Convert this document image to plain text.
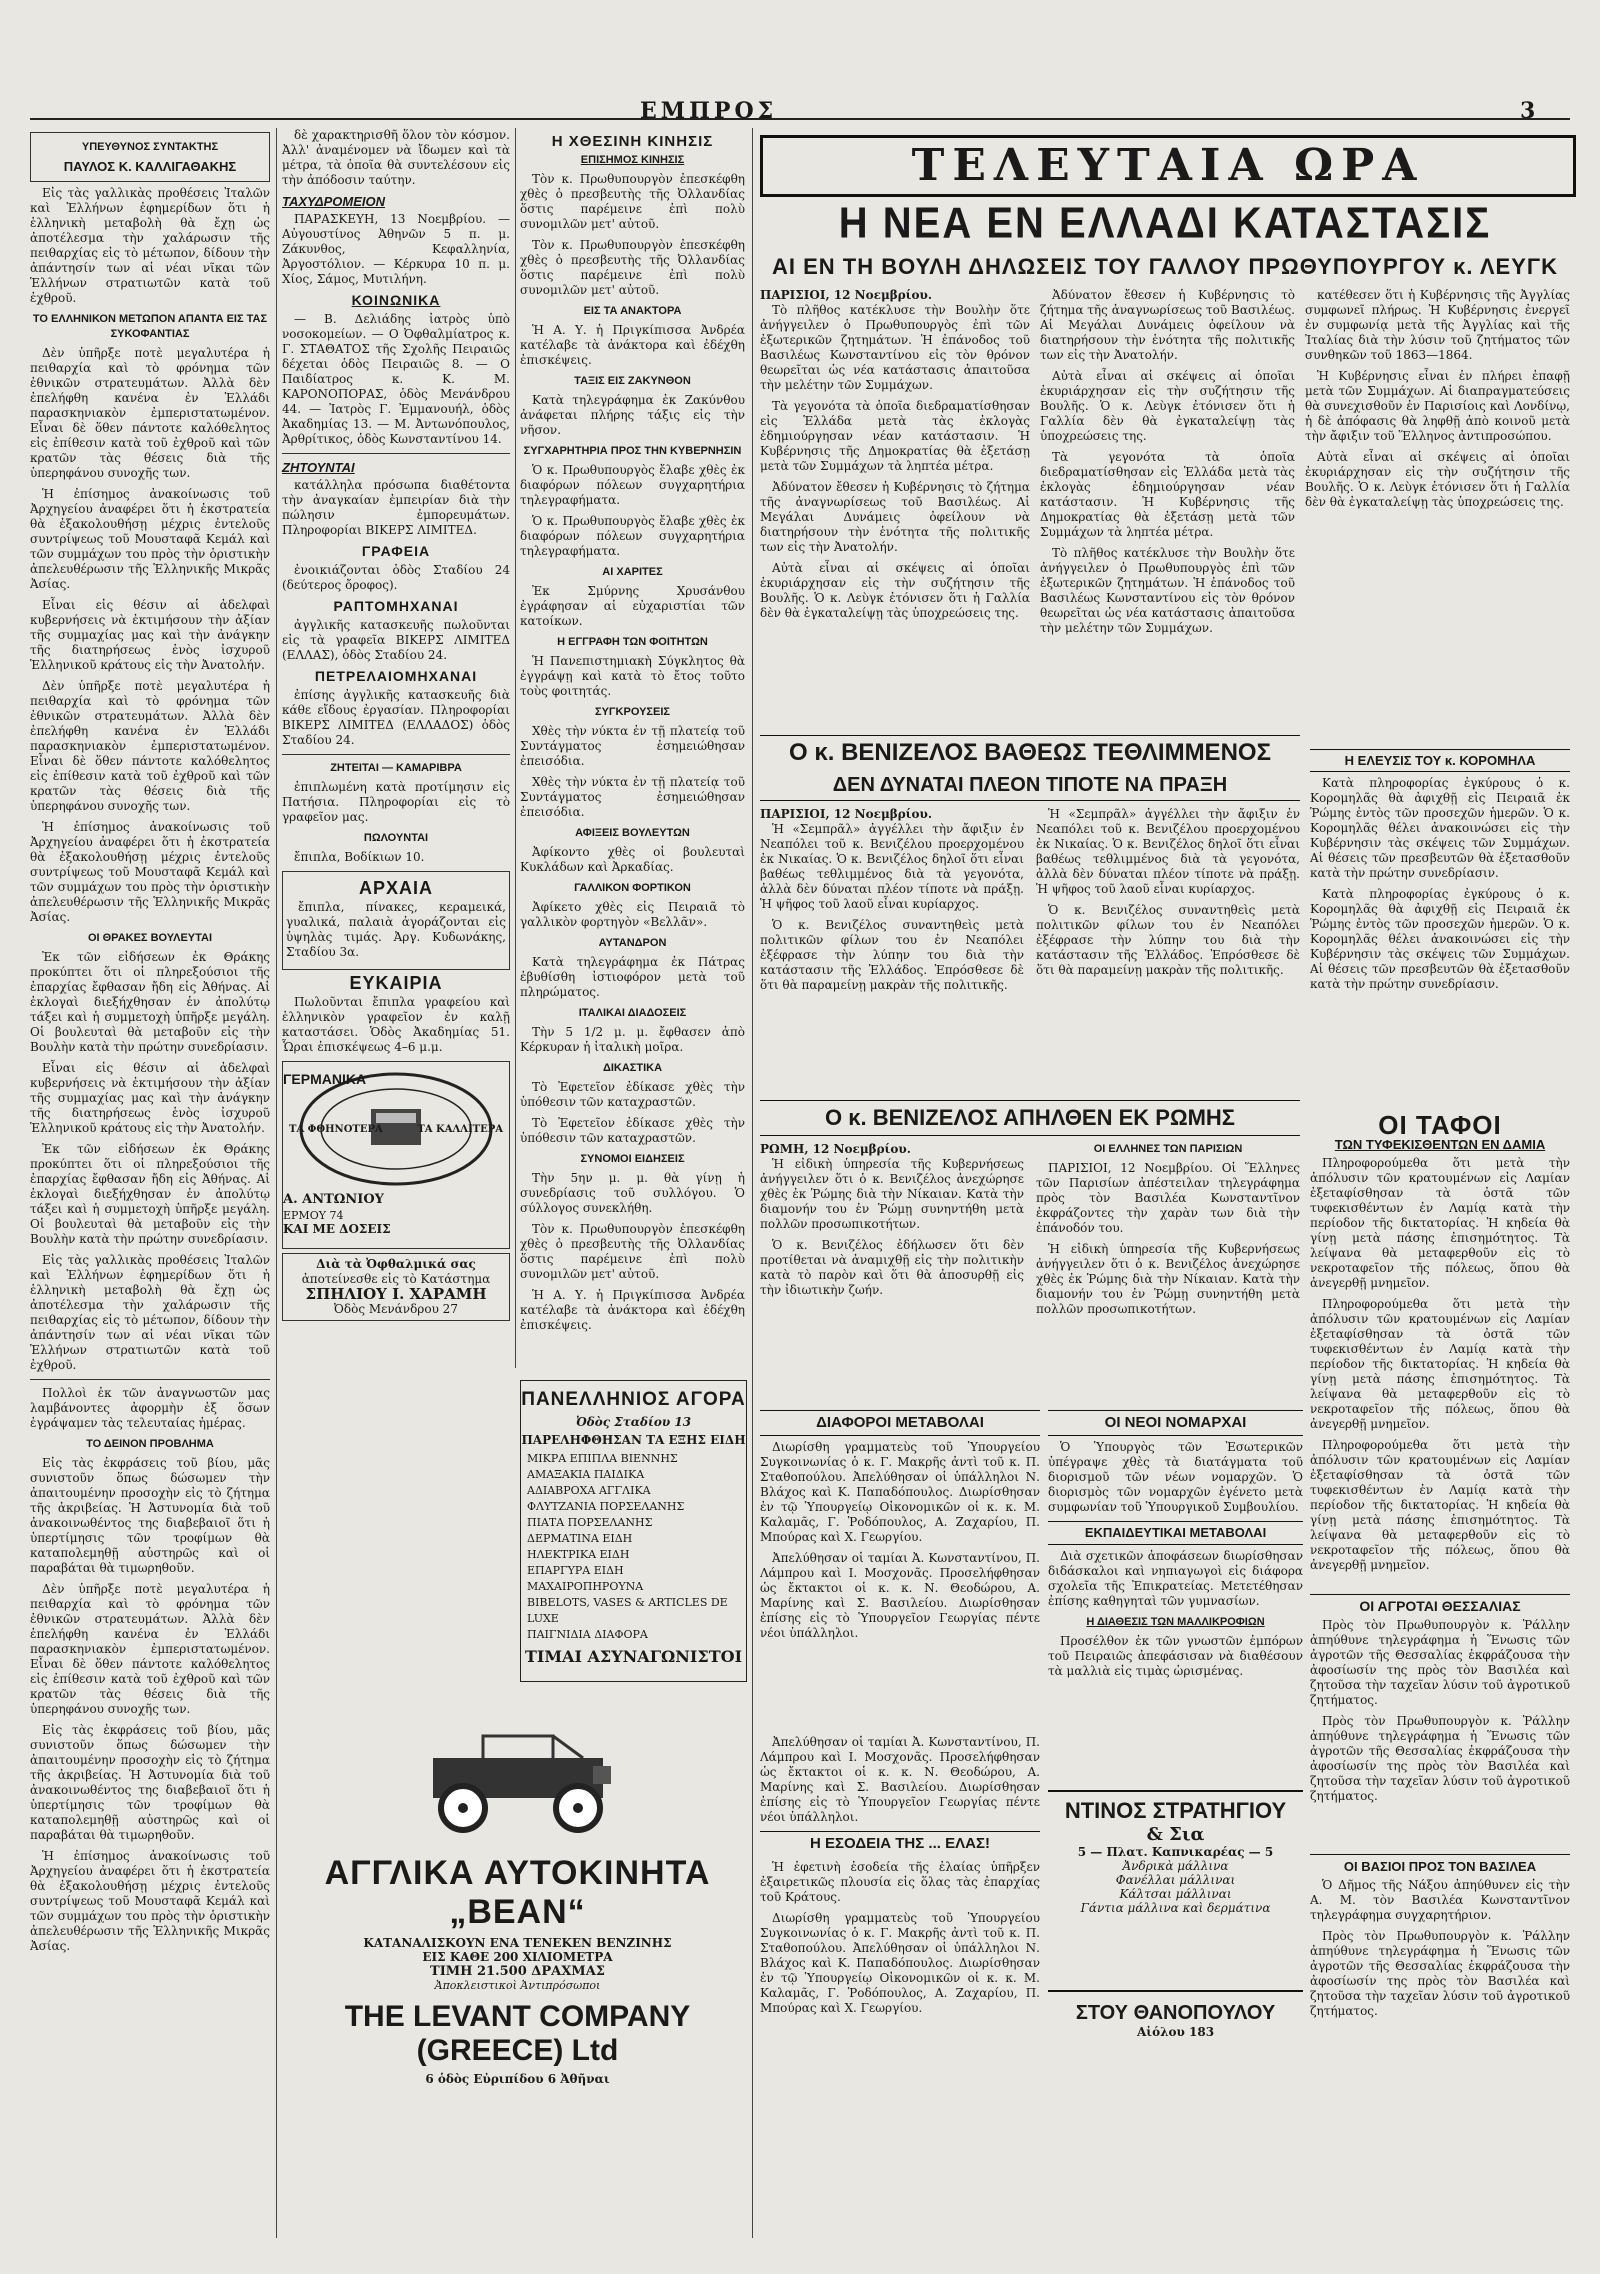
ΕΜΠΡΟΣ	3
ΥΠΕΥΘΥΝΟΣ ΣΥΝΤΑΚΤΗΣ
ΠΑΥΛΟΣ Κ. ΚΑΛΛΙΓΑΘΑΚΗΣ

Εἰς τὰς γαλλικὰς προθέσεις Ἰταλῶν καὶ Ἑλλήνων ἐφημερίδων ὅτι ἡ ἑλληνικὴ μεταβολὴ θὰ ἔχῃ ὡς ἀποτέλεσμα τὴν χαλάρωσιν τῆς πειθαρχίας εἰς τὸ μέτωπον, δίδουν τὴν ἀπάντησίν των αἱ νέαι νῖκαι τῶν Ἑλλήνων στρατιωτῶν κατὰ τοῦ ἐχθροῦ.

ΤΟ ΕΛΛΗΝΙΚΟΝ ΜΕΤΩΠΟΝ ΑΠΑΝΤΑ ΕΙΣ ΤΑΣ ΣΥΚΟΦΑΝΤΙΑΣ

Δὲν ὑπῆρξε ποτὲ μεγαλυτέρα ἡ πειθαρχία καὶ τὸ φρόνημα τῶν ἐθνικῶν στρατευμάτων. Ἀλλὰ δὲν ἐπελήφθη κανένα ἐν Ἑλλάδι παρασκηνιακὸν ἐμπεριστατωμένον. Εἶναι δὲ ὅθεν πάντοτε καλόθελητος εἰς ἐπίθεσιν κατὰ τοῦ ἐχθροῦ καὶ τῶν κρατῶν τὰς θέσεις διὰ τῆς ὑπερηφάνου συνοχῆς των.

Ἡ ἐπίσημος ἀνακοίνωσις τοῦ Ἀρχηγείου ἀναφέρει ὅτι ἡ ἐκστρατεία θὰ ἐξακολουθήσῃ μέχρις ἐντελοῦς συντρίψεως τοῦ Μουσταφᾶ Κεμάλ καὶ τῶν συμμάχων του πρὸς τὴν ὁριστικὴν ἀπελευθέρωσιν τῆς Ἑλληνικῆς Μικρᾶς Ἀσίας.

Εἶναι εἰς θέσιν αἱ ἀδελφαὶ κυβερνήσεις νὰ ἐκτιμήσουν τὴν ἀξίαν τῆς συμμαχίας μας καὶ τὴν ἀνάγκην τῆς διατηρήσεως ἑνὸς ἰσχυροῦ Ἑλληνικοῦ κράτους εἰς τὴν Ἀνατολήν.

Δὲν ὑπῆρξε ποτὲ μεγαλυτέρα ἡ πειθαρχία καὶ τὸ φρόνημα τῶν ἐθνικῶν στρατευμάτων. Ἀλλὰ δὲν ἐπελήφθη κανένα ἐν Ἑλλάδι παρασκηνιακὸν ἐμπεριστατωμένον. Εἶναι δὲ ὅθεν πάντοτε καλόθελητος εἰς ἐπίθεσιν κατὰ τοῦ ἐχθροῦ καὶ τῶν κρατῶν τὰς θέσεις διὰ τῆς ὑπερηφάνου συνοχῆς των.

Ἡ ἐπίσημος ἀνακοίνωσις τοῦ Ἀρχηγείου ἀναφέρει ὅτι ἡ ἐκστρατεία θὰ ἐξακολουθήσῃ μέχρις ἐντελοῦς συντρίψεως τοῦ Μουσταφᾶ Κεμάλ καὶ τῶν συμμάχων του πρὸς τὴν ὁριστικὴν ἀπελευθέρωσιν τῆς Ἑλληνικῆς Μικρᾶς Ἀσίας.

ΟΙ ΘΡΑΚΕΣ ΒΟΥΛΕΥΤΑΙ

Ἐκ τῶν εἰδήσεων ἐκ Θράκης προκύπτει ὅτι οἱ πληρεξούσιοι τῆς ἐπαρχίας ἔφθασαν ἤδη εἰς Ἀθήνας. Αἱ ἐκλογαὶ διεξήχθησαν ἐν ἀπολύτῳ τάξει καὶ ἡ συμμετοχὴ ὑπῆρξε μεγάλη. Οἱ βουλευταὶ θὰ μεταβοῦν εἰς τὴν Βουλὴν κατὰ τὴν πρώτην συνεδρίασιν.

Εἶναι εἰς θέσιν αἱ ἀδελφαὶ κυβερνήσεις νὰ ἐκτιμήσουν τὴν ἀξίαν τῆς συμμαχίας μας καὶ τὴν ἀνάγκην τῆς διατηρήσεως ἑνὸς ἰσχυροῦ Ἑλληνικοῦ κράτους εἰς τὴν Ἀνατολήν.

Ἐκ τῶν εἰδήσεων ἐκ Θράκης προκύπτει ὅτι οἱ πληρεξούσιοι τῆς ἐπαρχίας ἔφθασαν ἤδη εἰς Ἀθήνας. Αἱ ἐκλογαὶ διεξήχθησαν ἐν ἀπολύτῳ τάξει καὶ ἡ συμμετοχὴ ὑπῆρξε μεγάλη. Οἱ βουλευταὶ θὰ μεταβοῦν εἰς τὴν Βουλὴν κατὰ τὴν πρώτην συνεδρίασιν.

Εἰς τὰς γαλλικὰς προθέσεις Ἰταλῶν καὶ Ἑλλήνων ἐφημερίδων ὅτι ἡ ἑλληνικὴ μεταβολὴ θὰ ἔχῃ ὡς ἀποτέλεσμα τὴν χαλάρωσιν τῆς πειθαρχίας εἰς τὸ μέτωπον, δίδουν τὴν ἀπάντησίν των αἱ νέαι νῖκαι τῶν Ἑλλήνων στρατιωτῶν κατὰ τοῦ ἐχθροῦ.

Πολλοὶ ἐκ τῶν ἀναγνωστῶν μας λαμβάνοντες ἀφορμὴν ἐξ ὅσων ἐγράψαμεν τὰς τελευταίας ἡμέρας.

ΤΟ ΔΕΙΝΟΝ ΠΡΟΒΛΗΜΑ

Εἰς τὰς ἐκφράσεις τοῦ βίου, μᾶς συνιστοῦν ὅπως δώσωμεν τὴν ἀπαιτουμένην προσοχὴν εἰς τὸ ζήτημα τῆς ἀκριβείας. Ἡ Ἀστυνομία διὰ τοῦ ἀνακοινωθέντος της διαβεβαιοῖ ὅτι ἡ ὑπερτίμησις τῶν τροφίμων θὰ καταπολεμηθῇ αὐστηρῶς καὶ οἱ παραβάται θὰ τιμωρηθοῦν.

Δὲν ὑπῆρξε ποτὲ μεγαλυτέρα ἡ πειθαρχία καὶ τὸ φρόνημα τῶν ἐθνικῶν στρατευμάτων. Ἀλλὰ δὲν ἐπελήφθη κανένα ἐν Ἑλλάδι παρασκηνιακὸν ἐμπεριστατωμένον. Εἶναι δὲ ὅθεν πάντοτε καλόθελητος εἰς ἐπίθεσιν κατὰ τοῦ ἐχθροῦ καὶ τῶν κρατῶν τὰς θέσεις διὰ τῆς ὑπερηφάνου συνοχῆς των.

Εἰς τὰς ἐκφράσεις τοῦ βίου, μᾶς συνιστοῦν ὅπως δώσωμεν τὴν ἀπαιτουμένην προσοχὴν εἰς τὸ ζήτημα τῆς ἀκριβείας. Ἡ Ἀστυνομία διὰ τοῦ ἀνακοινωθέντος της διαβεβαιοῖ ὅτι ἡ ὑπερτίμησις τῶν τροφίμων θὰ καταπολεμηθῇ αὐστηρῶς καὶ οἱ παραβάται θὰ τιμωρηθοῦν.

Ἡ ἐπίσημος ἀνακοίνωσις τοῦ Ἀρχηγείου ἀναφέρει ὅτι ἡ ἐκστρατεία θὰ ἐξακολουθήσῃ μέχρις ἐντελοῦς συντρίψεως τοῦ Μουσταφᾶ Κεμάλ καὶ τῶν συμμάχων του πρὸς τὴν ὁριστικὴν ἀπελευθέρωσιν τῆς Ἑλληνικῆς Μικρᾶς Ἀσίας.

δὲ χαρακτηρισθῆ ὅλον τὸν κόσμον. Ἀλλ' ἀναμένομεν νὰ ἴδωμεν καὶ τὰ μέτρα, τὰ ὁποῖα θὰ συντελέσουν εἰς τὴν ἀπόδοσιν ταύτην.

ΤΑΧΥΔΡΟΜΕΙΟΝ

ΠΑΡΑΣΚΕΥΗ, 13 Νοεμβρίου. — Αὐγουστίνος Ἀθηνῶν 5 π. μ. Ζάκυνθος, Κεφαλληνία, Ἀργοστόλιον. — Κέρκυρα 10 π. μ. Χίος, Σάμος, Μυτιλήνη.

ΚΟΙΝΩΝΙΚΑ

— Β. Δελιάδης ἰατρὸς ὑπὸ νοσοκομείων. — Ο Ὀφθαλμίατρος κ. Γ. ΣΤΑΘΑΤΟΣ τῆς Σχολῆς Πειραιῶς δέχεται ὁδὸς Πειραιῶς 8. — Ο Παιδίατρος κ. Κ. Μ. ΚΑΡΟΝΟΠΟΡΑΣ, ὁδὸς Μενάνδρου 44. — Ἰατρὸς Γ. Ἐμμανουήλ, ὁδὸς Ἀκαδημίας 13. — Μ. Ἀντωνόπουλος, Ἀρθρίτικος, ὁδὸς Κωνσταντίνου 14.

ΖΗΤΟΥΝΤΑΙ

κατάλληλα πρόσωπα διαθέτοντα τὴν ἀναγκαίαν ἐμπειρίαν διὰ τὴν πώλησιν ἐμπορευμάτων. Πληροφορίαι ΒΙΚΕΡΣ ΛΙΜΙΤΕΔ.

ΓΡΑΦΕΙΑ

ἐνοικιάζονται ὁδὸς Σταδίου 24 (δεύτερος ὄροφος).

ΡΑΠΤΟΜΗΧΑΝΑΙ

ἀγγλικῆς κατασκευῆς πωλοῦνται εἰς τὰ γραφεῖα ΒΙΚΕΡΣ ΛΙΜΙΤΕΔ (ΕΛΛΑΣ), ὁδὸς Σταδίου 24.

ΠΕΤΡΕΛΑΙΟΜΗΧΑΝΑΙ

ἐπίσης ἀγγλικῆς κατασκευῆς διὰ κάθε εἴδους ἐργασίαν. Πληροφορίαι ΒΙΚΕΡΣ ΛΙΜΙΤΕΔ (ΕΛΛΑΔΟΣ) ὁδὸς Σταδίου 24.

ΖΗΤΕΙΤΑΙ — ΚΑΜΑΡΙΒΡΑ

ἐπιπλωμένη κατὰ προτίμησιν εἰς Πατήσια. Πληροφορίαι εἰς τὸ γραφεῖον μας.

ΠΩΛΟΥΝΤΑΙ

ἔπιπλα, Βοδίκιων 10.

ΑΡΧΑΙΑ

ἔπιπλα, πίνακες, κεραμεικά, γυαλικά, παλαιὰ ἀγοράζονται εἰς ὑψηλὰς τιμάς. Ἀργ. Κυδωνάκης, Σταδίου 3α.

ΕΥΚΑΙΡΙΑ

Πωλοῦνται ἔπιπλα γραφείου καὶ ἑλληνικὸν γραφεῖον ἐν καλῇ καταστάσει. Ὁδὸς Ἀκαδημίας 51. Ὧραι ἐπισκέψεως 4–6 μ.μ.

ΓΕΡΜΑΝΙΚΑ
ΤΑ ΚΑΛΛΙΤΕΡΑ
ΤΑ ΦΘΗΝΟΤΕΡΑ
Α. ΑΝΤΩΝΙΟΥ
ΕΡΜΟΥ 74
ΚΑΙ ΜΕ ΔΟΣΕΙΣ
Διὰ τὰ Ὀφθαλμικά σας
ἀποτείνεσθε εἰς τὸ Κατάστημα
ΣΠΗΛΙΟΥ Ι. ΧΑΡΑΜΗ
Ὀδὸς Μενάνδρου 27
Η ΧΘΕΣΙΝΗ ΚΙΝΗΣΙΣ
ΕΠΙΣΗΜΟΣ ΚΙΝΗΣΙΣ

Τὸν κ. Πρωθυπουργὸν ἐπεσκέφθη χθὲς ὁ πρεσβευτὴς τῆς Ὀλλανδίας ὅστις παρέμεινε ἐπὶ πολὺ συνομιλῶν μετ' αὐτοῦ.

Τὸν κ. Πρωθυπουργὸν ἐπεσκέφθη χθὲς ὁ πρεσβευτὴς τῆς Ὀλλανδίας ὅστις παρέμεινε ἐπὶ πολὺ συνομιλῶν μετ' αὐτοῦ.

ΕΙΣ ΤΑ ΑΝΑΚΤΟΡΑ

Ἡ Α. Υ. ἡ Πριγκίπισσα Ἀνδρέα κατέλαβε τὰ ἀνάκτορα καὶ ἐδέχθη ἐπισκέψεις.

ΤΑΞΙΣ ΕΙΣ ΖΑΚΥΝΘΟΝ

Κατὰ τηλεγράφημα ἐκ Ζακύνθου ἀνάφεται πλήρης τάξις εἰς τὴν νῆσον.

ΣΥΓΧΑΡΗΤΗΡΙΑ ΠΡΟΣ ΤΗΝ ΚΥΒΕΡΝΗΣΙΝ

Ὁ κ. Πρωθυπουργὸς ἔλαβε χθὲς ἐκ διαφόρων πόλεων συγχαρητήρια τηλεγραφήματα.

Ὁ κ. Πρωθυπουργὸς ἔλαβε χθὲς ἐκ διαφόρων πόλεων συγχαρητήρια τηλεγραφήματα.

ΑΙ ΧΑΡΙΤΕΣ

Ἐκ Σμύρνης Χρυσάνθου ἐγράφησαν αἱ εὐχαριστίαι τῶν κατοίκων.

Η ΕΓΓΡΑΦΗ ΤΩΝ ΦΟΙΤΗΤΩΝ

Ἡ Πανεπιστημιακὴ Σύγκλητος θὰ ἐγγράψῃ καὶ κατὰ τὸ ἔτος τοῦτο τοὺς φοιτητάς.

ΣΥΓΚΡΟΥΣΕΙΣ

Χθὲς τὴν νύκτα ἐν τῇ πλατείᾳ τοῦ Συντάγματος ἐσημειώθησαν ἐπεισόδια.

Χθὲς τὴν νύκτα ἐν τῇ πλατείᾳ τοῦ Συντάγματος ἐσημειώθησαν ἐπεισόδια.

ΑΦΙΞΕΙΣ ΒΟΥΛΕΥΤΩΝ

Ἀφίκοντο χθὲς οἱ βουλευταὶ Κυκλάδων καὶ Ἀρκαδίας.

ΓΑΛΛΙΚΟΝ ΦΟΡΤΙΚΟΝ

Ἀφίκετο χθὲς εἰς Πειραιᾶ τὸ γαλλικὸν φορτηγὸν «Βελλᾶν».

ΑΥΤΑΝΔΡΟΝ

Κατὰ τηλεγράφημα ἐκ Πάτρας ἐβυθίσθη ἰστιοφόρον μετὰ τοῦ πληρώματος.

ΙΤΑΛΙΚΑΙ ΔΙΑΔΟΣΕΙΣ

Τὴν 5 1/2 μ. μ. ἔφθασεν ἀπὸ Κέρκυραν ἡ ἰταλικὴ μοῖρα.

ΔΙΚΑΣΤΙΚΑ

Τὸ Ἐφετεῖον ἐδίκασε χθὲς τὴν ὑπόθεσιν τῶν καταχραστῶν.

Τὸ Ἐφετεῖον ἐδίκασε χθὲς τὴν ὑπόθεσιν τῶν καταχραστῶν.

ΣΥΝΟΜΟΙ ΕΙΔΗΣΕΙΣ

Τὴν 5ην μ. μ. θὰ γίνῃ ἡ συνεδρίασις τοῦ συλλόγου. Ὁ σύλλογος συνεκλήθη.

Τὸν κ. Πρωθυπουργὸν ἐπεσκέφθη χθὲς ὁ πρεσβευτὴς τῆς Ὀλλανδίας ὅστις παρέμεινε ἐπὶ πολὺ συνομιλῶν μετ' αὐτοῦ.

Ἡ Α. Υ. ἡ Πριγκίπισσα Ἀνδρέα κατέλαβε τὰ ἀνάκτορα καὶ ἐδέχθη ἐπισκέψεις.

ΠΑΝΕΛΛΗΝΙΟΣ ΑΓΟΡΑ
Ὀδὸς Σταδίου 13
ΠΑΡΕΛΗΦΘΗΣΑΝ ΤΑ ΕΞΗΣ ΕΙΔΗ
ΜΙΚΡΑ ΕΠΙΠΛΑ ΒΙΕΝΝΗΣ
ΑΜΑΞΑΚΙΑ ΠΑΙΔΙΚΑ
ΑΔΙΑΒΡΟΧΑ ΑΓΓΛΙΚΑ
ΦΛΥΤΖΑΝΙΑ ΠΟΡΣΕΛΑΝΗΣ
ΠΙΑΤΑ ΠΟΡΣΕΛΑΝΗΣ
ΔΕΡΜΑΤΙΝΑ ΕΙΔΗ
ΗΛΕΚΤΡΙΚΑ ΕΙΔΗ
ΕΠΑΡΓΥΡΑ ΕΙΔΗ
ΜΑΧΑΙΡΟΠΗΡΟΥΝΑ
BIBELOTS, VASES & ARTICLES DE LUXE
ΠΑΙΓΝΙΔΙΑ ΔΙΑΦΟΡΑ
ΤΙΜΑΙ ΑΣΥΝΑΓΩΝΙΣΤΟΙ
ΑΓΓΛΙΚΑ ΑΥΤΟΚΙΝΗΤΑ „BEAN“
ΚΑΤΑΝΑΛΙΣΚΟΥΝ ΕΝΑ ΤΕΝΕΚΕΝ ΒΕΝΖΙΝΗΣ
ΕΙΣ ΚΑΘΕ 200 ΧΙΛΙΟΜΕΤΡΑ
ΤΙΜΗ 21.500 ΔΡΑΧΜΑΣ
Ἀποκλειστικοὶ Ἀντιπρόσωποι
THE LEVANT COMPANY (GREECE) Ltd
6 ὁδὸς Εὐριπίδου 6 Ἀθῆναι
ΤΕΛΕΥΤΑΙΑ ΩΡΑ
Η ΝΕΑ ΕΝ ΕΛΛΑΔΙ ΚΑΤΑΣΤΑΣΙΣ
ΑΙ ΕΝ ΤΗ ΒΟΥΛΗ ΔΗΛΩΣΕΙΣ ΤΟΥ ΓΑΛΛΟΥ ΠΡΩΘΥΠΟΥΡΓΟΥ κ. ΛΕΥΓΚ
ΠΑΡΙΣΙΟΙ, 12 Νοεμβρίου.

Τὸ πλῆθος κατέκλυσε τὴν Βουλὴν ὅτε ἀνήγγειλεν ὁ Πρωθυπουργὸς ἐπὶ τῶν ἐξωτερικῶν ζητημάτων. Ἡ ἐπάνοδος τοῦ Βασιλέως Κωνσταντίνου εἰς τὸν θρόνον θεωρεῖται ὡς νέα κατάστασις ἀπαιτοῦσα τὴν μελέτην τῶν Συμμάχων.

Τὰ γεγονότα τὰ ὁποῖα διεδραματίσθησαν εἰς Ἑλλάδα μετὰ τὰς ἐκλογὰς ἐδημιούργησαν νέαν κατάστασιν. Ἡ Κυβέρνησις τῆς Δημοκρατίας θὰ ἐξετάσῃ μετὰ τῶν Συμμάχων τὰ ληπτέα μέτρα.

Ἀδύνατον ἔθεσεν ἡ Κυβέρνησις τὸ ζήτημα τῆς ἀναγνωρίσεως τοῦ Βασιλέως. Αἱ Μεγάλαι Δυνάμεις ὀφείλουν νὰ διατηρήσουν τὴν ἑνότητα τῆς πολιτικῆς των εἰς τὴν Ἀνατολήν.

Αὐτὰ εἶναι αἱ σκέψεις αἱ ὁποῖαι ἐκυριάρχησαν εἰς τὴν συζήτησιν τῆς Βουλῆς. Ὁ κ. Λεὺγκ ἐτόνισεν ὅτι ἡ Γαλλία δὲν θὰ ἐγκαταλείψῃ τὰς ὑποχρεώσεις της.

Ἀδύνατον ἔθεσεν ἡ Κυβέρνησις τὸ ζήτημα τῆς ἀναγνωρίσεως τοῦ Βασιλέως. Αἱ Μεγάλαι Δυνάμεις ὀφείλουν νὰ διατηρήσουν τὴν ἑνότητα τῆς πολιτικῆς των εἰς τὴν Ἀνατολήν.

Αὐτὰ εἶναι αἱ σκέψεις αἱ ὁποῖαι ἐκυριάρχησαν εἰς τὴν συζήτησιν τῆς Βουλῆς. Ὁ κ. Λεὺγκ ἐτόνισεν ὅτι ἡ Γαλλία δὲν θὰ ἐγκαταλείψῃ τὰς ὑποχρεώσεις της.

Τὰ γεγονότα τὰ ὁποῖα διεδραματίσθησαν εἰς Ἑλλάδα μετὰ τὰς ἐκλογὰς ἐδημιούργησαν νέαν κατάστασιν. Ἡ Κυβέρνησις τῆς Δημοκρατίας θὰ ἐξετάσῃ μετὰ τῶν Συμμάχων τὰ ληπτέα μέτρα.

Τὸ πλῆθος κατέκλυσε τὴν Βουλὴν ὅτε ἀνήγγειλεν ὁ Πρωθυπουργὸς ἐπὶ τῶν ἐξωτερικῶν ζητημάτων. Ἡ ἐπάνοδος τοῦ Βασιλέως Κωνσταντίνου εἰς τὸν θρόνον θεωρεῖται ὡς νέα κατάστασις ἀπαιτοῦσα τὴν μελέτην τῶν Συμμάχων.

κατέθεσεν ὅτι ἡ Κυβέρνησις τῆς Ἀγγλίας συμφωνεῖ πλήρως. Ἡ Κυβέρνησις ἐνεργεῖ ἐν συμφωνίᾳ μετὰ τῆς Ἀγγλίας καὶ τῆς Ἰταλίας διὰ τὴν λύσιν τοῦ ζητήματος τῶν συνθηκῶν τοῦ 1863—1864.

Ἡ Κυβέρνησις εἶναι ἐν πλήρει ἐπαφῇ μετὰ τῶν Συμμάχων. Αἱ διαπραγματεύσεις θὰ συνεχισθοῦν ἐν Παρισίοις καὶ Λονδίνῳ, ἡ δὲ ἀπόφασις θὰ ληφθῇ ἀπὸ κοινοῦ μετὰ τὴν ἄφιξιν τοῦ Ἕλληνος ἀντιπροσώπου.

Αὐτὰ εἶναι αἱ σκέψεις αἱ ὁποῖαι ἐκυριάρχησαν εἰς τὴν συζήτησιν τῆς Βουλῆς. Ὁ κ. Λεὺγκ ἐτόνισεν ὅτι ἡ Γαλλία δὲν θὰ ἐγκαταλείψῃ τὰς ὑποχρεώσεις της.

Ο κ. ΒΕΝΙΖΕΛΟΣ ΒΑΘΕΩΣ ΤΕΘΛΙΜΜΕΝΟΣ
ΔΕΝ ΔΥΝΑΤΑΙ ΠΛΕΟΝ ΤΙΠΟΤΕ ΝΑ ΠΡΑΞΗ
ΠΑΡΙΣΙΟΙ, 12 Νοεμβρίου.

Ἡ «Σεμπρᾶλ» ἀγγέλλει τὴν ἄφιξιν ἐν Νεαπόλει τοῦ κ. Βενιζέλου προερχομένου ἐκ Νικαίας. Ὁ κ. Βενιζέλος δηλοῖ ὅτι εἶναι βαθέως τεθλιμμένος διὰ τὰ γεγονότα, ἀλλὰ δὲν δύναται πλέον τίποτε νὰ πράξῃ. Ἡ ψῆφος τοῦ λαοῦ εἶναι κυρίαρχος.

Ὁ κ. Βενιζέλος συναντηθεὶς μετὰ πολιτικῶν φίλων του ἐν Νεαπόλει ἐξέφρασε τὴν λύπην του διὰ τὴν κατάστασιν τῆς Ἑλλάδος. Ἐπρόσθεσε δὲ ὅτι θὰ παραμείνῃ μακρὰν τῆς πολιτικῆς.

Ἡ «Σεμπρᾶλ» ἀγγέλλει τὴν ἄφιξιν ἐν Νεαπόλει τοῦ κ. Βενιζέλου προερχομένου ἐκ Νικαίας. Ὁ κ. Βενιζέλος δηλοῖ ὅτι εἶναι βαθέως τεθλιμμένος διὰ τὰ γεγονότα, ἀλλὰ δὲν δύναται πλέον τίποτε νὰ πράξῃ. Ἡ ψῆφος τοῦ λαοῦ εἶναι κυρίαρχος.

Ὁ κ. Βενιζέλος συναντηθεὶς μετὰ πολιτικῶν φίλων του ἐν Νεαπόλει ἐξέφρασε τὴν λύπην του διὰ τὴν κατάστασιν τῆς Ἑλλάδος. Ἐπρόσθεσε δὲ ὅτι θὰ παραμείνῃ μακρὰν τῆς πολιτικῆς.

Ο κ. ΒΕΝΙΖΕΛΟΣ ΑΠΗΛΘΕΝ ΕΚ ΡΩΜΗΣ
ΡΩΜΗ, 12 Νοεμβρίου.

Ἡ εἰδικὴ ὑπηρεσία τῆς Κυβερνήσεως ἀνήγγειλεν ὅτι ὁ κ. Βενιζέλος ἀνεχώρησε χθὲς ἐκ Ῥώμης διὰ τὴν Νίκαιαν. Κατὰ τὴν διαμονήν του ἐν Ῥώμῃ συνηντήθη μετὰ πολλῶν προσωπικοτήτων.

Ὁ κ. Βενιζέλος ἐδήλωσεν ὅτι δὲν προτίθεται νὰ ἀναμιχθῇ εἰς τὴν πολιτικὴν κατὰ τὸ παρὸν καὶ ὅτι θὰ ἀποσυρθῇ εἰς τὴν ἰδιωτικὴν ζωήν.

ΟΙ ΕΛΛΗΝΕΣ ΤΩΝ ΠΑΡΙΣΙΩΝ

ΠΑΡΙΣΙΟΙ, 12 Νοεμβρίου. Οἱ Ἕλληνες τῶν Παρισίων ἀπέστειλαν τηλεγράφημα πρὸς τὸν Βασιλέα Κωνσταντῖνον ἐκφράζοντες τὴν χαρὰν των διὰ τὴν ἐπάνοδόν του.

Ἡ εἰδικὴ ὑπηρεσία τῆς Κυβερνήσεως ἀνήγγειλεν ὅτι ὁ κ. Βενιζέλος ἀνεχώρησε χθὲς ἐκ Ῥώμης διὰ τὴν Νίκαιαν. Κατὰ τὴν διαμονήν του ἐν Ῥώμῃ συνηντήθη μετὰ πολλῶν προσωπικοτήτων.

Η ΕΛΕΥΣΙΣ ΤΟΥ κ. ΚΟΡΟΜΗΛΑ

Κατὰ πληροφορίας ἐγκύρους ὁ κ. Κορομηλᾶς θὰ ἀφιχθῇ εἰς Πειραιᾶ ἐκ Ῥώμης ἐντὸς τῶν προσεχῶν ἡμερῶν. Ὁ κ. Κορομηλᾶς θέλει ἀνακοινώσει εἰς τὴν Κυβέρνησιν τὰς σκέψεις τῶν Συμμάχων. Αἱ θέσεις τῶν πρεσβευτῶν θὰ ἐξετασθοῦν κατὰ τὴν πρώτην συνεδρίασιν.

Κατὰ πληροφορίας ἐγκύρους ὁ κ. Κορομηλᾶς θὰ ἀφιχθῇ εἰς Πειραιᾶ ἐκ Ῥώμης ἐντὸς τῶν προσεχῶν ἡμερῶν. Ὁ κ. Κορομηλᾶς θέλει ἀνακοινώσει εἰς τὴν Κυβέρνησιν τὰς σκέψεις τῶν Συμμάχων. Αἱ θέσεις τῶν πρεσβευτῶν θὰ ἐξετασθοῦν κατὰ τὴν πρώτην συνεδρίασιν.

ΟΙ ΤΑΦΟΙ
ΤΩΝ ΤΥΦΕΚΙΣΘΕΝΤΩΝ ΕΝ ΔΑΜΙΑ

Πληροφορούμεθα ὅτι μετὰ τὴν ἀπόλυσιν τῶν κρατουμένων εἰς Λαμίαν ἐξεταφίσθησαν τὰ ὀστᾶ τῶν τυφεκισθέντων ἐν Λαμίᾳ κατὰ τὴν περίοδον τῆς δικτατορίας. Ἡ κηδεία θὰ γίνῃ μετὰ πάσης ἐπισημότητος. Τὰ λείψανα θὰ μεταφερθοῦν εἰς τὸ νεκροταφεῖον τῆς πόλεως, ὅπου θὰ ἀνεγερθῇ μνημεῖον.

Πληροφορούμεθα ὅτι μετὰ τὴν ἀπόλυσιν τῶν κρατουμένων εἰς Λαμίαν ἐξεταφίσθησαν τὰ ὀστᾶ τῶν τυφεκισθέντων ἐν Λαμίᾳ κατὰ τὴν περίοδον τῆς δικτατορίας. Ἡ κηδεία θὰ γίνῃ μετὰ πάσης ἐπισημότητος. Τὰ λείψανα θὰ μεταφερθοῦν εἰς τὸ νεκροταφεῖον τῆς πόλεως, ὅπου θὰ ἀνεγερθῇ μνημεῖον.

Πληροφορούμεθα ὅτι μετὰ τὴν ἀπόλυσιν τῶν κρατουμένων εἰς Λαμίαν ἐξεταφίσθησαν τὰ ὀστᾶ τῶν τυφεκισθέντων ἐν Λαμίᾳ κατὰ τὴν περίοδον τῆς δικτατορίας. Ἡ κηδεία θὰ γίνῃ μετὰ πάσης ἐπισημότητος. Τὰ λείψανα θὰ μεταφερθοῦν εἰς τὸ νεκροταφεῖον τῆς πόλεως, ὅπου θὰ ἀνεγερθῇ μνημεῖον.

ΟΙ ΑΓΡΟΤΑΙ ΘΕΣΣΑΛΙΑΣ

Πρὸς τὸν Πρωθυπουργὸν κ. Ῥάλλην ἀπηύθυνε τηλεγράφημα ἡ Ἕνωσις τῶν ἀγροτῶν τῆς Θεσσαλίας ἐκφράζουσα τὴν ἀφοσίωσίν της πρὸς τὸν Βασιλέα καὶ ζητοῦσα τὴν ταχεῖαν λύσιν τοῦ ἀγροτικοῦ ζητήματος.

Πρὸς τὸν Πρωθυπουργὸν κ. Ῥάλλην ἀπηύθυνε τηλεγράφημα ἡ Ἕνωσις τῶν ἀγροτῶν τῆς Θεσσαλίας ἐκφράζουσα τὴν ἀφοσίωσίν της πρὸς τὸν Βασιλέα καὶ ζητοῦσα τὴν ταχεῖαν λύσιν τοῦ ἀγροτικοῦ ζητήματος.

ΟΙ ΒΑΣΙΟΙ ΠΡΟΣ ΤΟΝ ΒΑΣΙΛΕΑ

Ὁ Δῆμος τῆς Νάξου ἀπηύθυνεν εἰς τὴν Α. Μ. τὸν Βασιλέα Κωνσταντῖνον τηλεγράφημα συγχαρητήριον.

Πρὸς τὸν Πρωθυπουργὸν κ. Ῥάλλην ἀπηύθυνε τηλεγράφημα ἡ Ἕνωσις τῶν ἀγροτῶν τῆς Θεσσαλίας ἐκφράζουσα τὴν ἀφοσίωσίν της πρὸς τὸν Βασιλέα καὶ ζητοῦσα τὴν ταχεῖαν λύσιν τοῦ ἀγροτικοῦ ζητήματος.

ΔΙΑΦΟΡΟΙ ΜΕΤΑΒΟΛΑΙ

Διωρίσθη γραμματεὺς τοῦ Ὑπουργείου Συγκοινωνίας ὁ κ. Γ. Μακρῆς ἀντὶ τοῦ κ. Π. Σταθοπούλου. Ἀπελύθησαν οἱ ὑπάλληλοι Ν. Βλάχος καὶ Κ. Παπαδόπουλος. Διωρίσθησαν ἐν τῷ Ὑπουργείῳ Οἰκονομικῶν οἱ κ. κ. Μ. Καλαμᾶς, Γ. Ῥοδόπουλος, Α. Ζαχαρίου, Π. Μπούρας καὶ Χ. Γεωργίου.

Ἀπελύθησαν οἱ ταμίαι Ἀ. Κωνσταντίνου, Π. Λάμπρου καὶ Ι. Μοσχονᾶς. Προσελήφθησαν ὡς ἔκτακτοι οἱ κ. κ. Ν. Θεοδώρου, Α. Μαρίνης καὶ Σ. Βασιλείου. Διωρίσθησαν ἐπίσης εἰς τὸ Ὑπουργεῖον Γεωργίας πέντε νέοι ὑπάλληλοι.

Ἀπελύθησαν οἱ ταμίαι Ἀ. Κωνσταντίνου, Π. Λάμπρου καὶ Ι. Μοσχονᾶς. Προσελήφθησαν ὡς ἔκτακτοι οἱ κ. κ. Ν. Θεοδώρου, Α. Μαρίνης καὶ Σ. Βασιλείου. Διωρίσθησαν ἐπίσης εἰς τὸ Ὑπουργεῖον Γεωργίας πέντε νέοι ὑπάλληλοι.

Η ΕΣΟΔΕΙΑ ΤΗΣ ... ΕΛΑΣ!

Ἡ ἐφετινὴ ἐσοδεία τῆς ἐλαίας ὑπῆρξεν ἐξαιρετικῶς πλουσία εἰς ὅλας τὰς ἐπαρχίας τοῦ Κράτους.

Διωρίσθη γραμματεὺς τοῦ Ὑπουργείου Συγκοινωνίας ὁ κ. Γ. Μακρῆς ἀντὶ τοῦ κ. Π. Σταθοπούλου. Ἀπελύθησαν οἱ ὑπάλληλοι Ν. Βλάχος καὶ Κ. Παπαδόπουλος. Διωρίσθησαν ἐν τῷ Ὑπουργείῳ Οἰκονομικῶν οἱ κ. κ. Μ. Καλαμᾶς, Γ. Ῥοδόπουλος, Α. Ζαχαρίου, Π. Μπούρας καὶ Χ. Γεωργίου.

ΟΙ ΝΕΟΙ ΝΟΜΑΡΧΑΙ

Ὁ Ὑπουργὸς τῶν Ἐσωτερικῶν ὑπέγραψε χθὲς τὰ διατάγματα τοῦ διορισμοῦ τῶν νέων νομαρχῶν. Ὁ διορισμὸς τῶν νομαρχῶν ἐγένετο μετὰ συμφωνίαν τοῦ Ὑπουργικοῦ Συμβουλίου.

ΕΚΠΑΙΔΕΥΤΙΚΑΙ ΜΕΤΑΒΟΛΑΙ

Διὰ σχετικῶν ἀποφάσεων διωρίσθησαν διδάσκαλοι καὶ νηπιαγωγοὶ εἰς διάφορα σχολεῖα τῆς Ἐπικρατείας. Μετετέθησαν ἐπίσης καθηγηταὶ τῶν γυμνασίων.

Η ΔΙΑΘΕΣΙΣ ΤΩΝ ΜΑΛΛΙΚΡΟΦΙΩΝ

Προσέλθον ἐκ τῶν γνωστῶν ἐμπόρων τοῦ Πειραιῶς ἀπεφάσισαν νὰ διαθέσουν τὰ μαλλιὰ εἰς τιμὰς ὡρισμένας.

ΝΤΙΝΟΣ ΣΤΡΑΤΗΓΙΟΥ
& Σια
5 — Πλατ. Καπνικαρέας — 5
Ἀνδρικὰ μάλλινα
Φανέλλαι μάλλιναι
Κάλτσαι μάλλιναι
Γάντια μάλλινα καὶ δερμάτινα
ΣΤΟΥ ΘΑΝΟΠΟΥΛΟΥ
Αἰόλου 183
